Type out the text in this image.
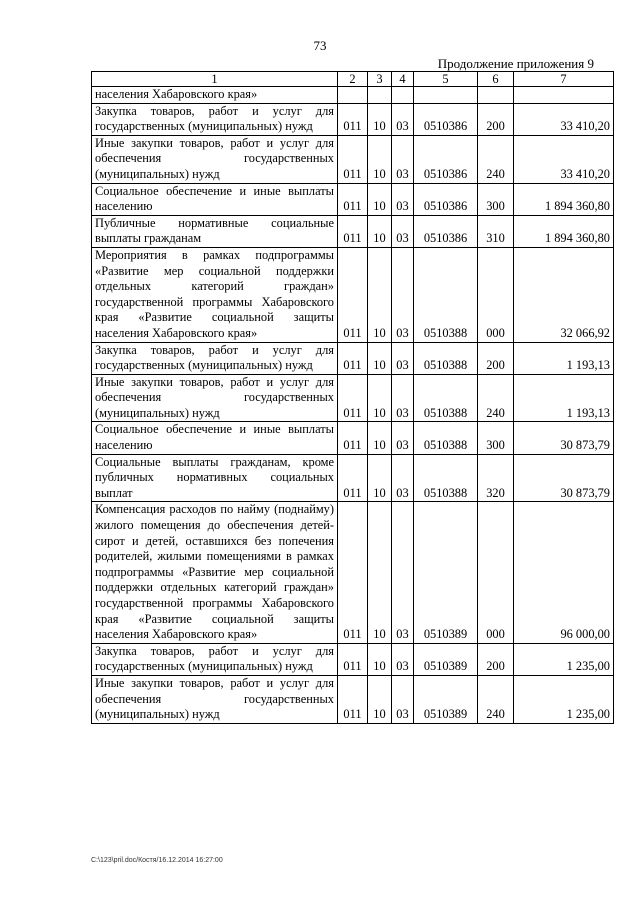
73
Продолжение приложения 9
1	2	3	4	5	6	7
населения Хабаровского края»						
Закупка товаров, работ и услуг для государственных (муниципальных) нужд	011	10	03	0510386	200	33 410,20
Иные закупки товаров, работ и услуг для обеспечения государственных (муниципальных) нужд	011	10	03	0510386	240	33 410,20
Социальное обеспечение и иные выплаты населению	011	10	03	0510386	300	1 894 360,80
Публичные нормативные социальные выплаты гражданам	011	10	03	0510386	310	1 894 360,80
Мероприятия в рамках подпрограммы «Развитие мер социальной поддержки отдельных категорий граждан» государственной программы Хабаровского края «Развитие социальной защиты населения Хабаровского края»	011	10	03	0510388	000	32 066,92
Закупка товаров, работ и услуг для государственных (муниципальных) нужд	011	10	03	0510388	200	1 193,13
Иные закупки товаров, работ и услуг для обеспечения государственных (муниципальных) нужд	011	10	03	0510388	240	1 193,13
Социальное обеспечение и иные выплаты населению	011	10	03	0510388	300	30 873,79
Социальные выплаты гражданам, кроме публичных нормативных социальных выплат	011	10	03	0510388	320	30 873,79
Компенсация расходов по найму (поднайму) жилого помещения до обеспечения детей-сирот и детей, оставшихся без попечения родителей, жилыми помещениями в рамках подпрограммы «Развитие мер социальной поддержки отдельных категорий граждан» государственной программы Хабаровского края «Развитие социальной защиты населения Хабаровского края»	011	10	03	0510389	000	96 000,00
Закупка товаров, работ и услуг для государственных (муниципальных) нужд	011	10	03	0510389	200	1 235,00
Иные закупки товаров, работ и услуг для обеспечения государственных (муниципальных) нужд	011	10	03	0510389	240	1 235,00
C:\123\pril.doc/Костя/16.12.2014 16:27:00
